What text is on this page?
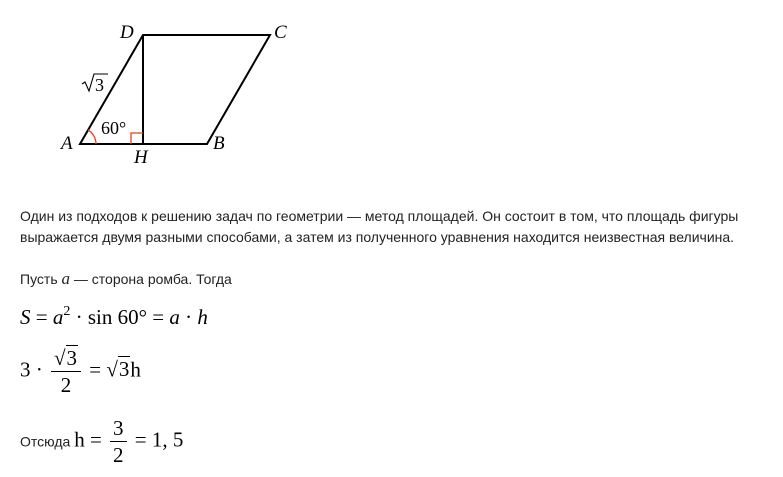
D	C
A	B
H
3
60°
Один из подходов к решению задач по геометрии — метод площадей. Он состоит в том, что площадь фигуры
выражается двумя разными способами, а затем из полученного уравнения находится неизвестная величина.
Пусть a — сторона ромба. Тогда
$S = a^2 \cdot \sin 60^\circ = a \cdot h$
$3 \cdot \frac{√3}{2} = √3h$
Отсюда $h = \frac{3}{2} = 1$, 5
